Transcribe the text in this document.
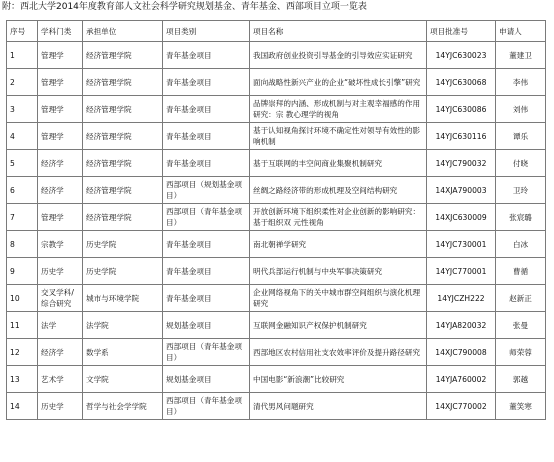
附：西北大学2014年度教育部人文社会科学研究规划基金、青年基金、西部项目立项一览表
序号	学科门类	承担单位	项目类别	项目名称	项目批准号	申请人
1	管理学	经济管理学院	青年基金项目	我国政府创业投资引导基金的引导效应实证研究	14YJC630023	董建卫
2	管理学	经济管理学院	青年基金项目	面向战略性新兴产业的企业“破坏性成长引擎”研究	14YJC630068	李伟
3	管理学	经济管理学院	青年基金项目	品牌崇拜的内涵、形成机制与对主观幸福感的作用研究：宗 教心理学的视角	14YJC630086	刘伟
4	管理学	经济管理学院	青年基金项目	基于认知视角探讨环境不确定性对领导有效性的影响机制	14YJC630116	谭乐
5	经济学	经济管理学院	青年基金项目	基于互联网的丰空间商业集聚机制研究	14YJC790032	付晓
6	经济学	经济管理学院	西部项目（规划基金项目）	丝绸之路经济带的形成机理及空间结构研究	14XJA790003	卫玲
7	管理学	经济管理学院	西部项目（青年基金项目）	开放创新环境下组织柔性对企业创新的影响研究：基于组织双 元性视角	14XJC630009	张宸璐
8	宗教学	历史学院	青年基金项目	南北朝禅学研究	14YJC730001	白冰
9	历史学	历史学院	青年基金项目	明代兵部运行机制与中央军事决策研究	14YJC770001	曹循
10	交叉学科/综合研究	城市与环境学院	青年基金项目	企业网络视角下的关中城市群空间组织与演化机理研究	14YJCZH222	赵新正
11	法学	法学院	规划基金项目	互联网金融知识产权保护机制研究	14YJA820032	张曼
12	经济学	数学系	西部项目（青年基金项目）	西部地区农村信用社支农效率评价及提升路径研究	14XJC790008	师荣蓉
13	艺术学	文学院	规划基金项目	中国电影“新浪潮”比较研究	14YJA760002	郭越
14	历史学	哲学与社会学学院	西部项目（青年基金项目）	清代男风问题研究	14XJC770002	董笑寒
